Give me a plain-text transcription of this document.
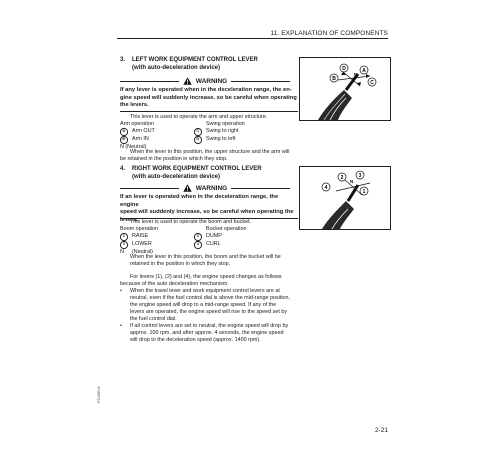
11. EXPLANATION OF COMPONENTS
3. LEFT WORK EQUIPMENT CONTROL LEVER
(with auto-deceleration device)
WARNING
If any lever is operated when in the deceleration range, the en-
gine speed will suddenly increase, so be careful when operating
the levers.
This lever is used to operate the arm and upper structure.
Arm operation	Swing operation
A	Arm OUT	C	Swing to right
B	Arm IN	D	Swing to left
N (Neutral)
When the lever in this position, the upper structure and the arm will
be retained in the position in which they stop.
D
B
A
C
N
4. RIGHT WORK EQUIPMENT CONTROL LEVER
(with auto-deceleration device)
WARNING
If an lever is operated when in the deceleration range, the engine
speed will suddenly increase, so be careful when operating the
levers.
This lever is used to operate the boom and bucket.
Boom operation	Bucket operation
1	RAISE	3	DUMP
2	LOWER	4	CURL
N	(Neutral)
When the lever in this position, the boom and the bucket will be
retained in the position in which they stop.
For levers (1), (2) and (4), the engine speed changes as follows
because of the auto deceleration mechanism.
•	When the travel lever and work equipment control levers are at
neutral, even if the fuel control dial is above the mid-range position,
the engine speed will drop to a mid-range speed. If any of the
levers are operated, the engine speed will rise to the speed set by
the fuel control dial.
•	If all control levers are set to neutral, the engine speed will drop by
approx. 100 rpm, and after approx. 4 seconds, the engine speed
will drop to the deceleration speed (approx. 1400 rpm).
2	3
4
1
N
PC45R-8
2-21
